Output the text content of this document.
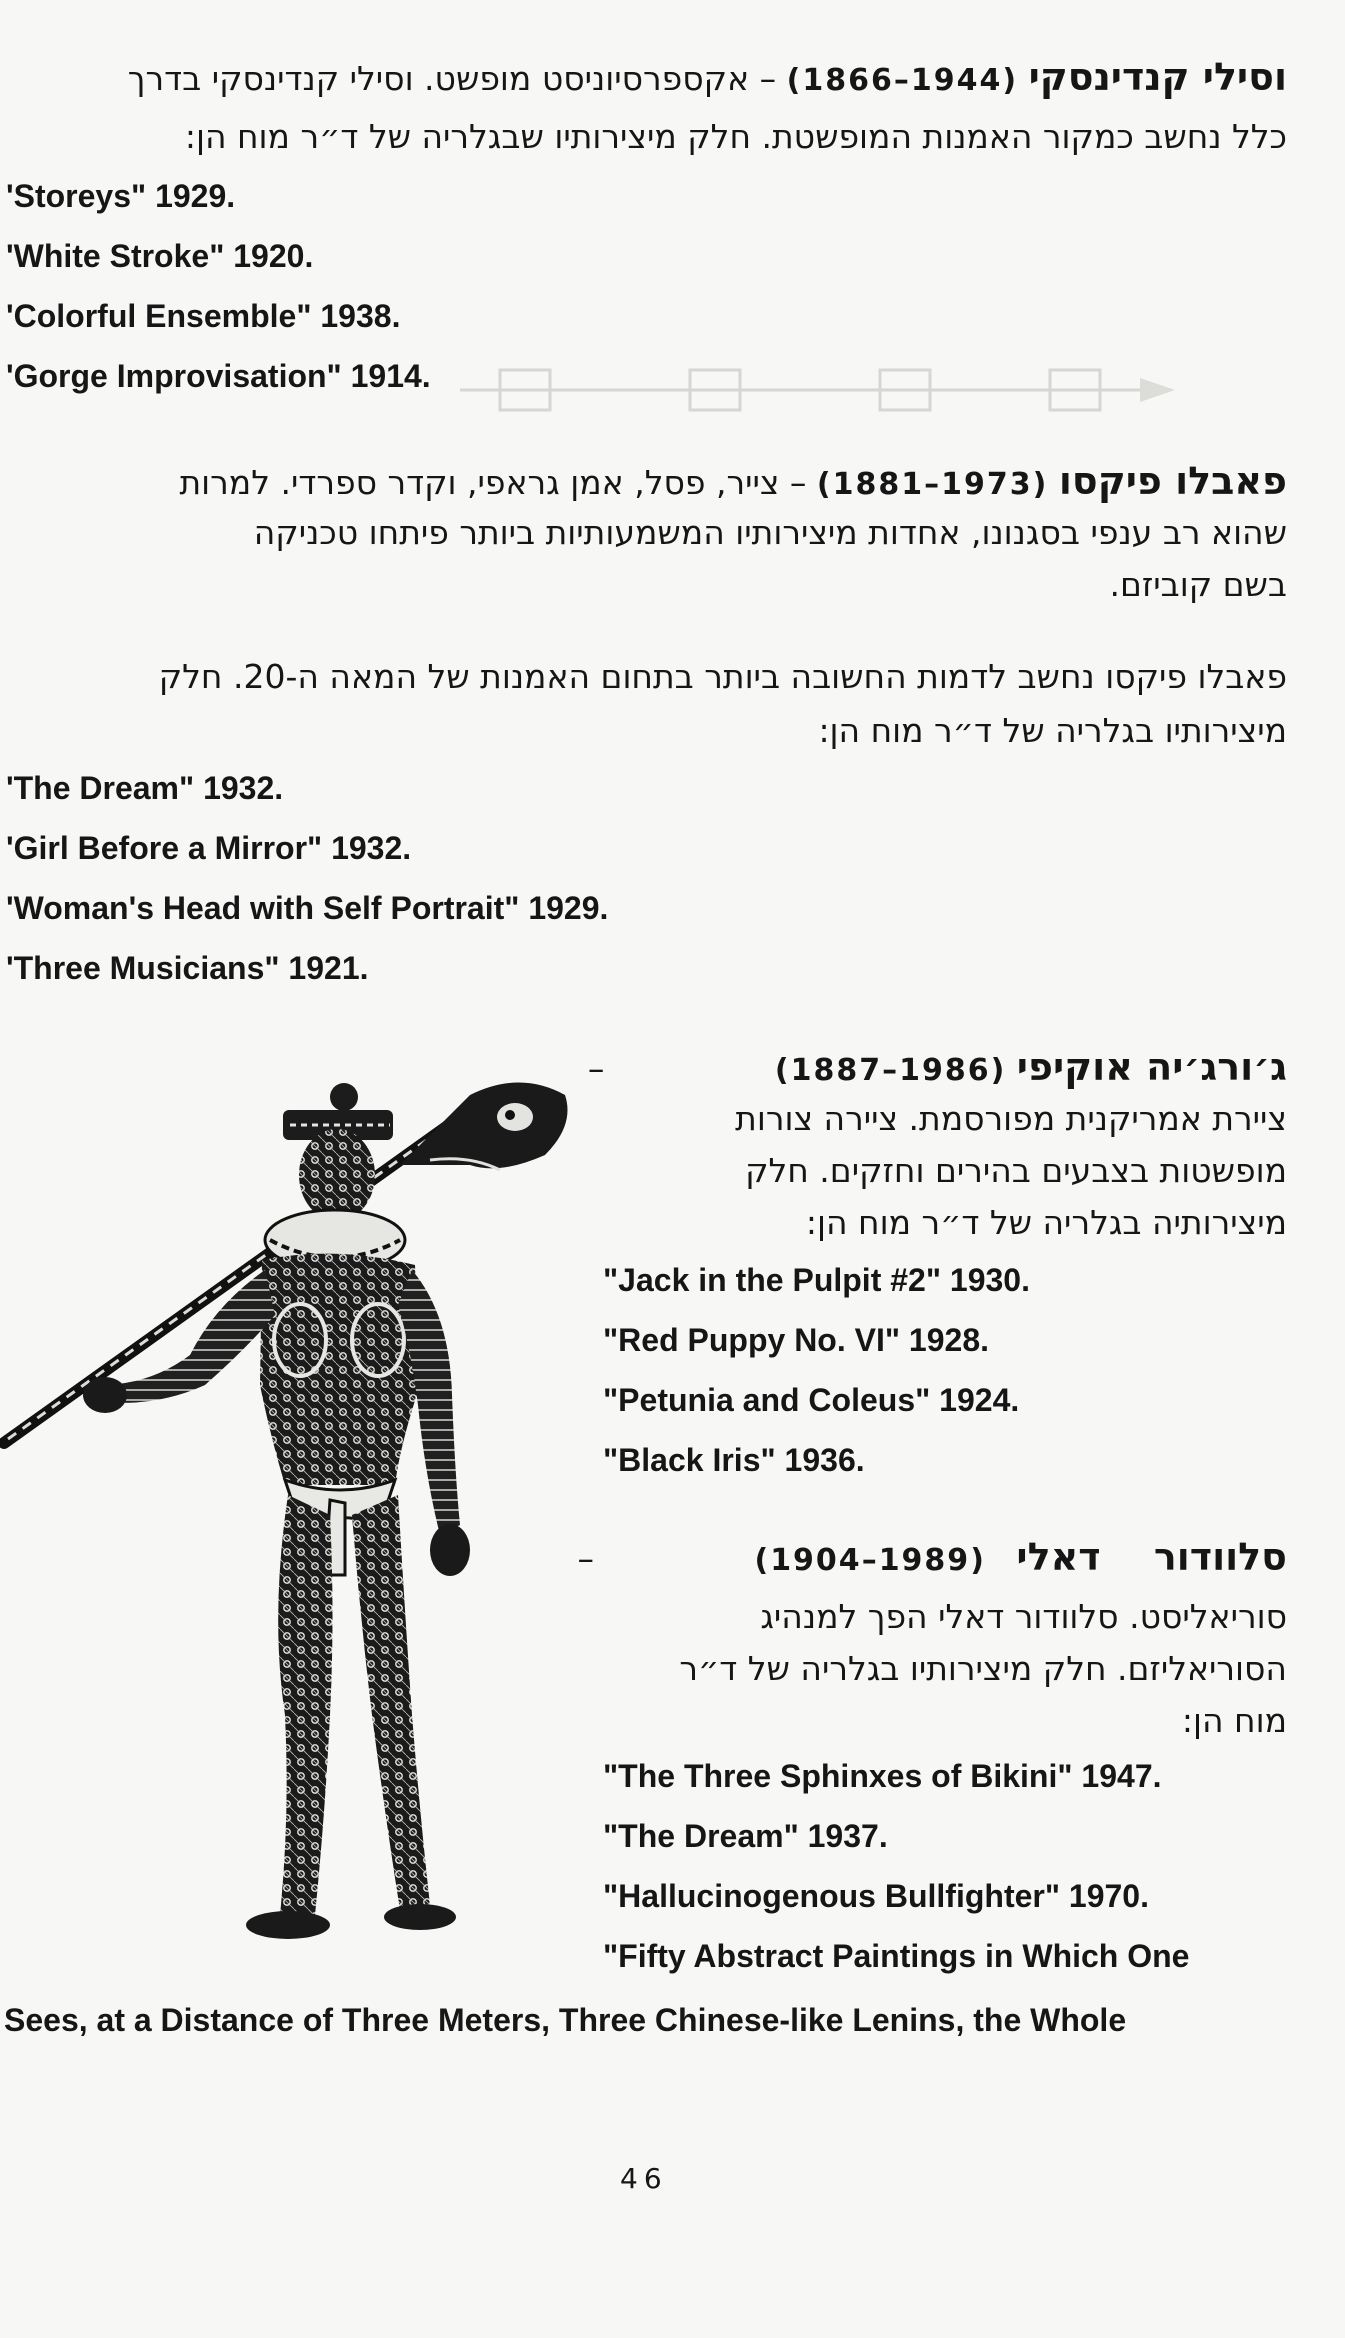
וסילי קנדינסקי (1944–1866) – אקספרסיוניסט מופשט. וסילי קנדינסקי בדרך
כלל נחשב כמקור האמנות המופשטת. חלק מיצירותיו שבגלריה של ד״ר מוח הן:
'Storeys" 1929.
'White Stroke" 1920.
'Colorful Ensemble" 1938.
'Gorge Improvisation" 1914.
פאבלו פיקסו (1973–1881) – צייר, פסל, אמן גראפי, וקדר ספרדי. למרות
שהוא רב ענפי בסגנונו, אחדות מיצירותיו המשמעותיות ביותר פיתחו טכניקה
בשם קוביזם.
פאבלו פיקסו נחשב לדמות החשובה ביותר בתחום האמנות של המאה ה-20. חלק
מיצירותיו בגלריה של ד״ר מוח הן:
'The Dream" 1932.
'Girl Before a Mirror" 1932.
'Woman's Head with Self Portrait" 1929.
'Three Musicians" 1921.
ג׳ורג׳יה אוקיפי (1986–1887) –
ציירת אמריקנית מפורסמת. ציירה צורות
מופשטות בצבעים בהירים וחזקים. חלק
מיצירותיה בגלריה של ד״ר מוח הן:
"Jack in the Pulpit #2" 1930.
"Red Puppy No. VI" 1928.
"Petunia and Coleus" 1924.
"Black Iris" 1936.
סלוודור דאלי (1989–1904) –
סוריאליסט. סלוודור דאלי הפך למנהיג
הסוריאליזם. חלק מיצירותיו בגלריה של ד״ר
מוח הן:
"The Three Sphinxes of Bikini" 1947.
"The Dream" 1937.
"Hallucinogenous Bullfighter" 1970.
"Fifty Abstract Paintings in Which One
Sees, at a Distance of Three Meters, Three Chinese-like Lenins, the Whole
46
